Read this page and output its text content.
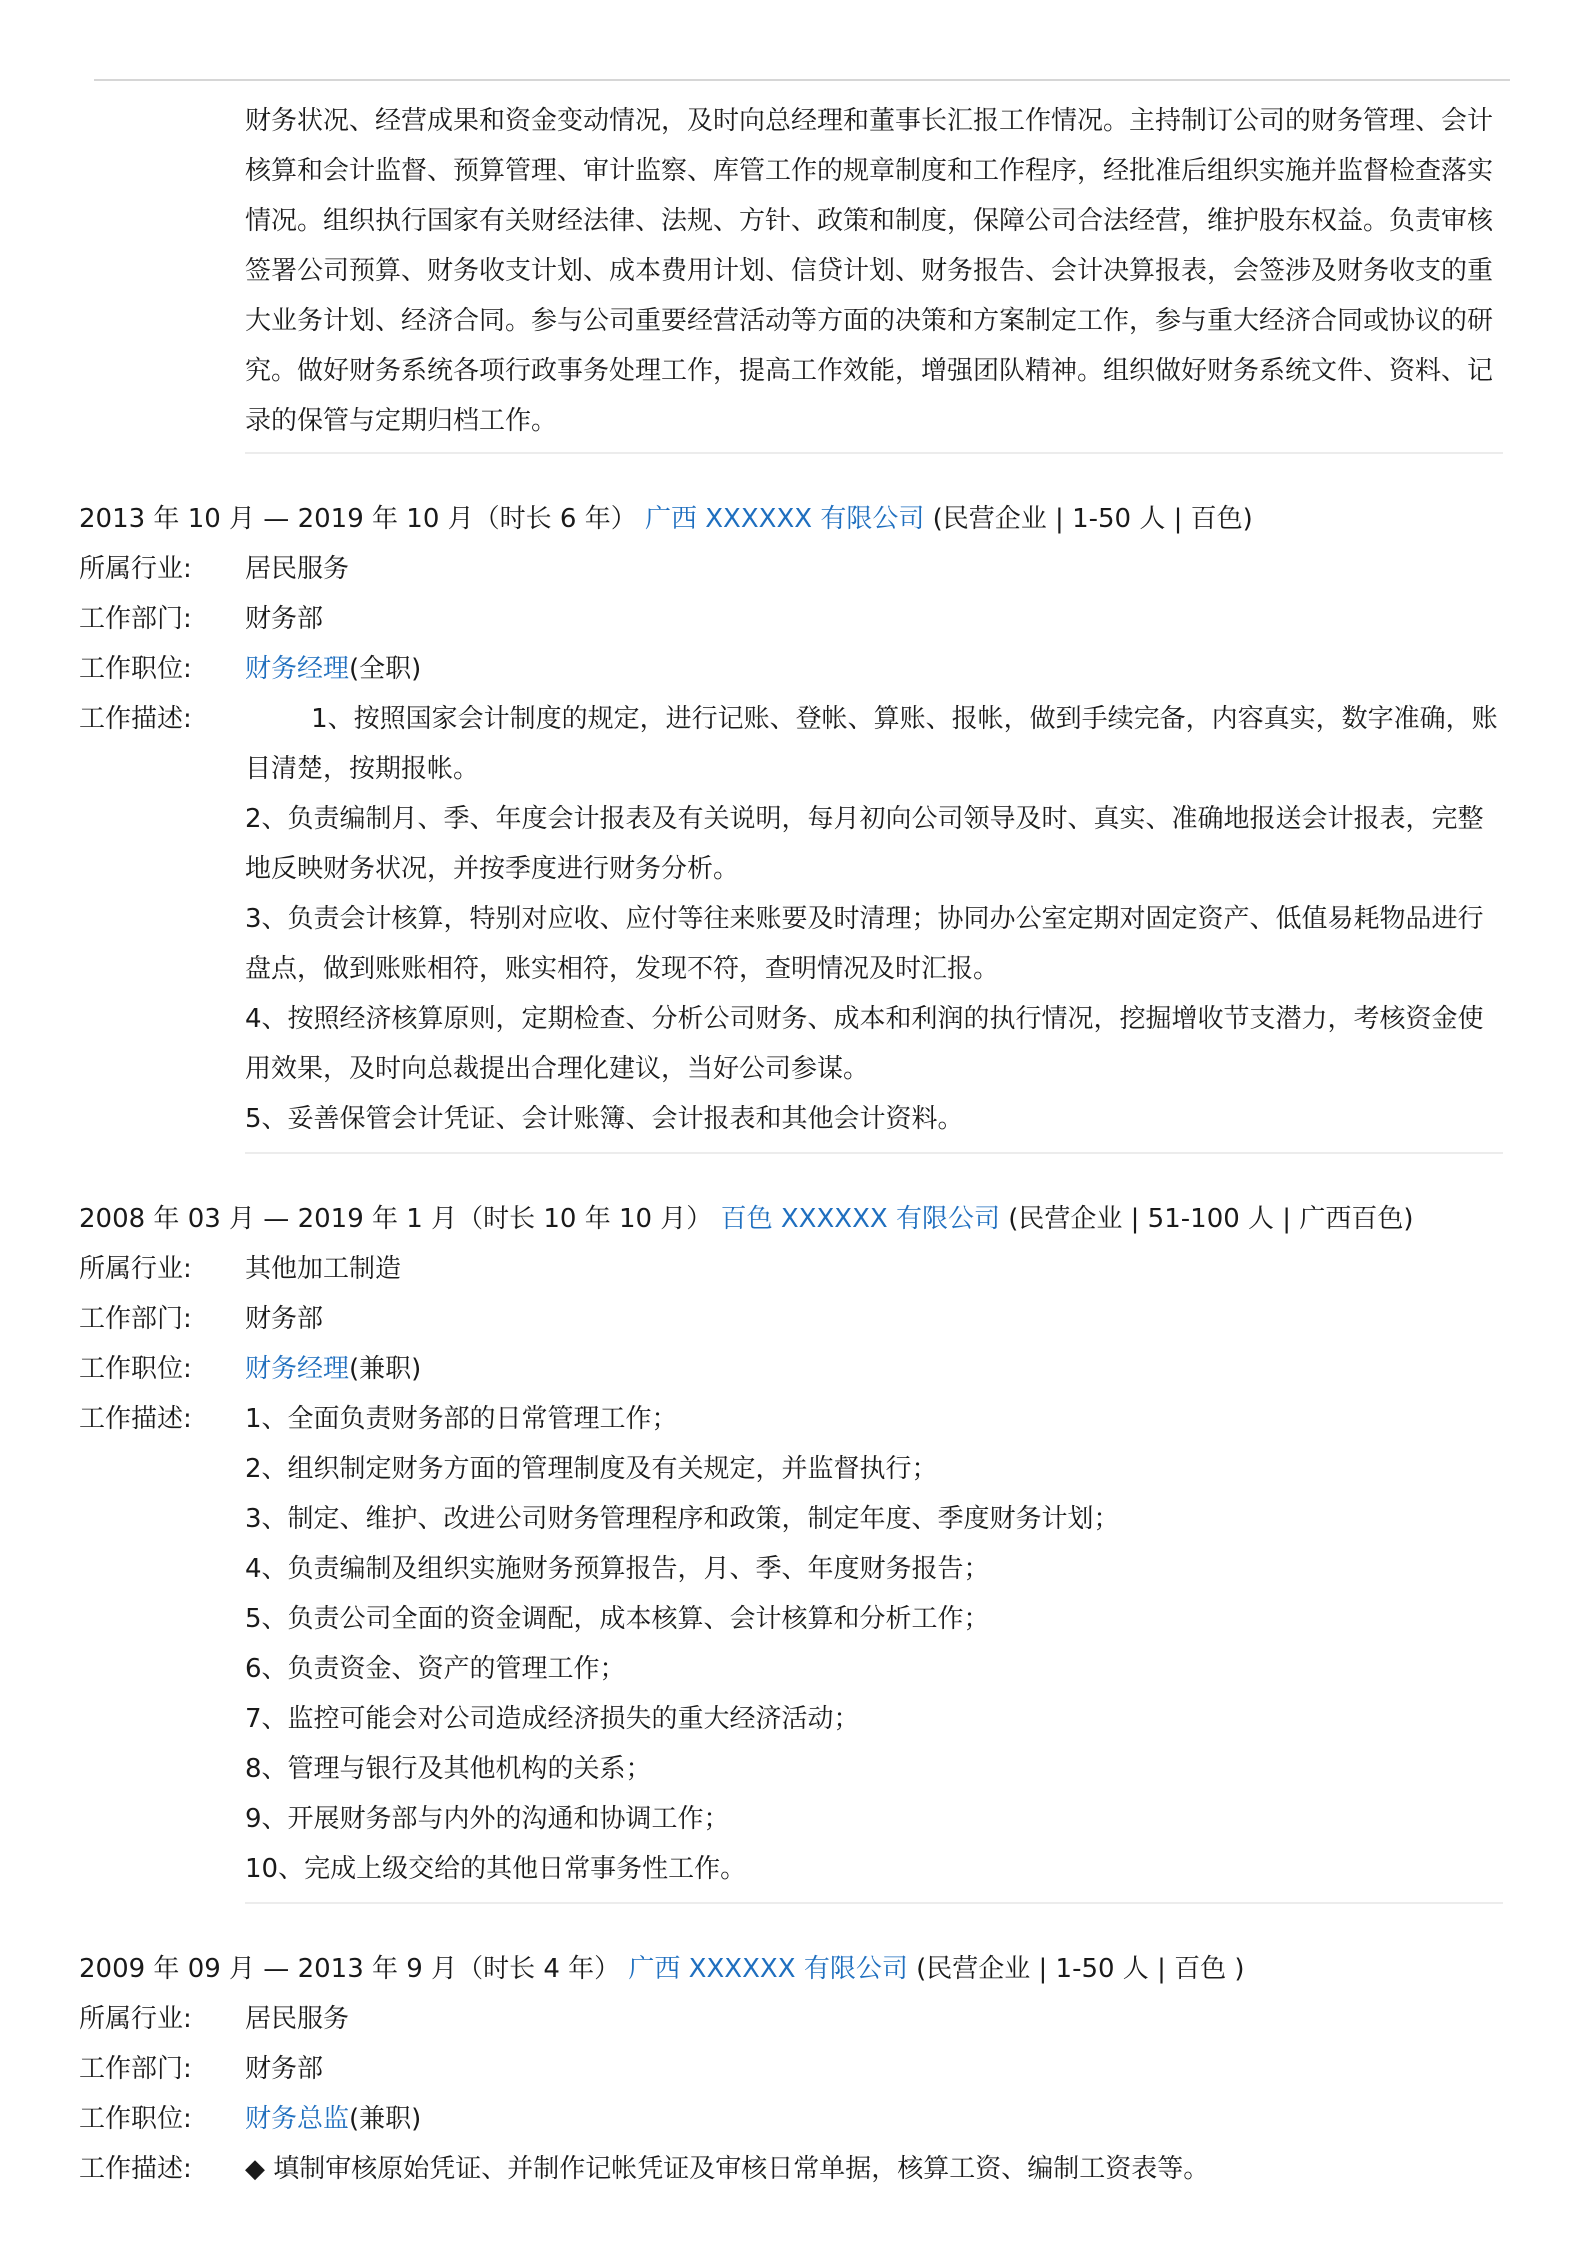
财务状况、经营成果和资金变动情况，及时向总经理和董事长汇报工作情况。主持制订公司的财务管理、会计核算和会计监督、预算管理、审计监察、库管工作的规章制度和工作程序，经批准后组织实施并监督检查落实情况。组织执行国家有关财经法律、法规、方针、政策和制度，保障公司合法经营，维护股东权益。负责审核签署公司预算、财务收支计划、成本费用计划、信贷计划、财务报告、会计决算报表，会签涉及财务收支的重大业务计划、经济合同。参与公司重要经营活动等方面的决策和方案制定工作，参与重大经济合同或协议的研究。做好财务系统各项行政事务处理工作，提高工作效能，增强团队精神。组织做好财务系统文件、资料、记录的保管与定期归档工作。
2013 年 10 月 — 2019 年 10 月（时长 6 年） 广西 XXXXXX 有限公司 (民营企业 | 1-50 人 | 百色)
所属行业:	居民服务
工作部门:	财务部
工作职位:	财务经理(全职)
工作描述:	1、按照国家会计制度的规定，进行记账、登帐、算账、报帐，做到手续完备，内容真实，数字准确，账目清楚，按期报帐。
2、负责编制月、季、年度会计报表及有关说明，每月初向公司领导及时、真实、准确地报送会计报表，完整地反映财务状况，并按季度进行财务分析。
3、负责会计核算，特别对应收、应付等往来账要及时清理；协同办公室定期对固定资产、低值易耗物品进行盘点，做到账账相符，账实相符，发现不符，查明情况及时汇报。
4、按照经济核算原则，定期检查、分析公司财务、成本和利润的执行情况，挖掘增收节支潜力，考核资金使用效果，及时向总裁提出合理化建议，当好公司参谋。
5、妥善保管会计凭证、会计账簿、会计报表和其他会计资料。
2008 年 03 月 — 2019 年 1 月（时长 10 年 10 月） 百色 XXXXXX 有限公司 (民营企业 | 51-100 人 | 广西百色)
所属行业:	其他加工制造
工作部门:	财务部
工作职位:	财务经理(兼职)
工作描述:	1、全面负责财务部的日常管理工作；
2、组织制定财务方面的管理制度及有关规定，并监督执行；
3、制定、维护、改进公司财务管理程序和政策，制定年度、季度财务计划；
4、负责编制及组织实施财务预算报告，月、季、年度财务报告；
5、负责公司全面的资金调配，成本核算、会计核算和分析工作；
6、负责资金、资产的管理工作；
7、监控可能会对公司造成经济损失的重大经济活动；
8、管理与银行及其他机构的关系；
9、开展财务部与内外的沟通和协调工作；
10、完成上级交给的其他日常事务性工作。
2009 年 09 月 — 2013 年 9 月（时长 4 年） 广西 XXXXXX 有限公司 (民营企业 | 1-50 人 | 百色 )
所属行业:	居民服务
工作部门:	财务部
工作职位:	财务总监(兼职)
工作描述:	◆ 填制审核原始凭证、并制作记帐凭证及审核日常单据，核算工资、编制工资表等。
